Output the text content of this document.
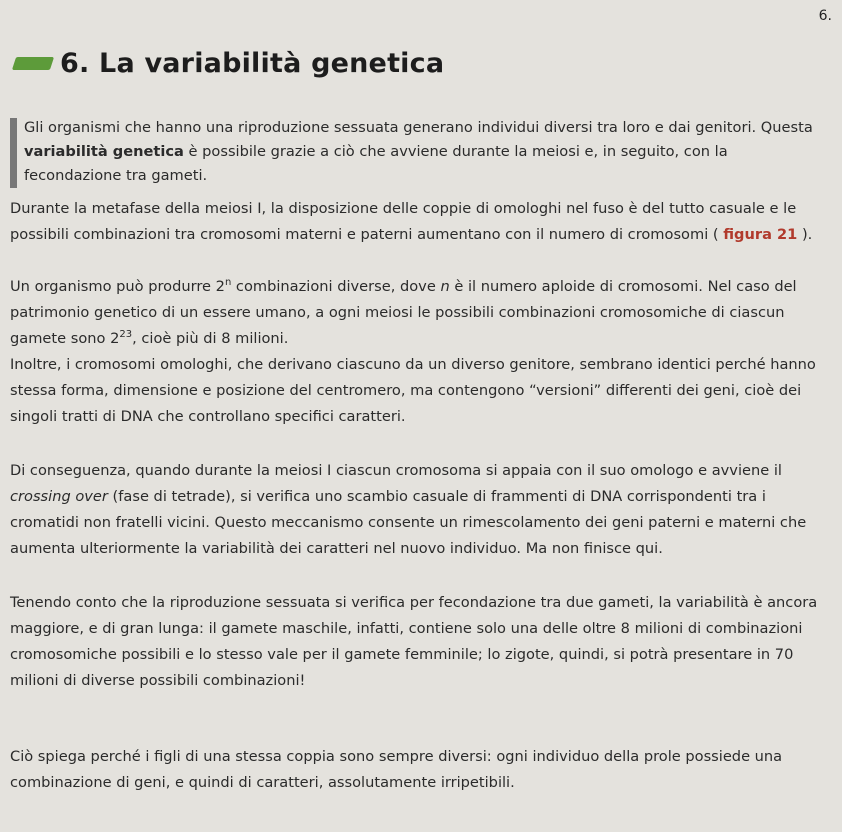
6.
6. La variabilità genetica

Gli organismi che hanno una riproduzione sessuata generano individui diversi tra loro e dai genitori. Questa variabilità genetica è possibile grazie a ciò che avviene durante la meiosi e, in seguito, con la fecondazione tra gameti.

Durante la metafase della meiosi I, la disposizione delle coppie di omologhi nel fuso è del tutto casuale e le possibili combinazioni tra cromosomi materni e paterni aumentano con il numero di cromosomi ( figura 21 ).

Un organismo può produrre 2$^n$ combinazioni diverse, dove n è il numero aploide di cromosomi. Nel caso del patrimonio genetico di un essere umano, a ogni meiosi le possibili combinazioni cromosomiche di ciascun gamete sono $2^{23}$, cioè più di 8 milioni.

Inoltre, i cromosomi omologhi, che derivano ciascuno da un diverso genitore, sembrano identici perché hanno stessa forma, dimensione e posizione del centromero, ma contengono “versioni” differenti dei geni, cioè dei singoli tratti di DNA che controllano specifici caratteri.

Di conseguenza, quando durante la meiosi I ciascun cromosoma si appaia con il suo omologo e avviene il crossing over (fase di tetrade), si verifica uno scambio casuale di frammenti di DNA corrispondenti tra i cromatidi non fratelli vicini. Questo meccanismo consente un rimescolamento dei geni paterni e materni che aumenta ulteriormente la variabilità dei caratteri nel nuovo individuo. Ma non finisce qui.

Tenendo conto che la riproduzione sessuata si verifica per fecondazione tra due gameti, la variabilità è ancora maggiore, e di gran lunga: il gamete maschile, infatti, contiene solo una delle oltre 8 milioni di combinazioni cromosomiche possibili e lo stesso vale per il gamete femminile; lo zigote, quindi, si potrà presentare in 70 milioni di diverse possibili combinazioni!

Ciò spiega perché i figli di una stessa coppia sono sempre diversi: ogni individuo della prole possiede una combinazione di geni, e quindi di caratteri, assolutamente irripetibili.
